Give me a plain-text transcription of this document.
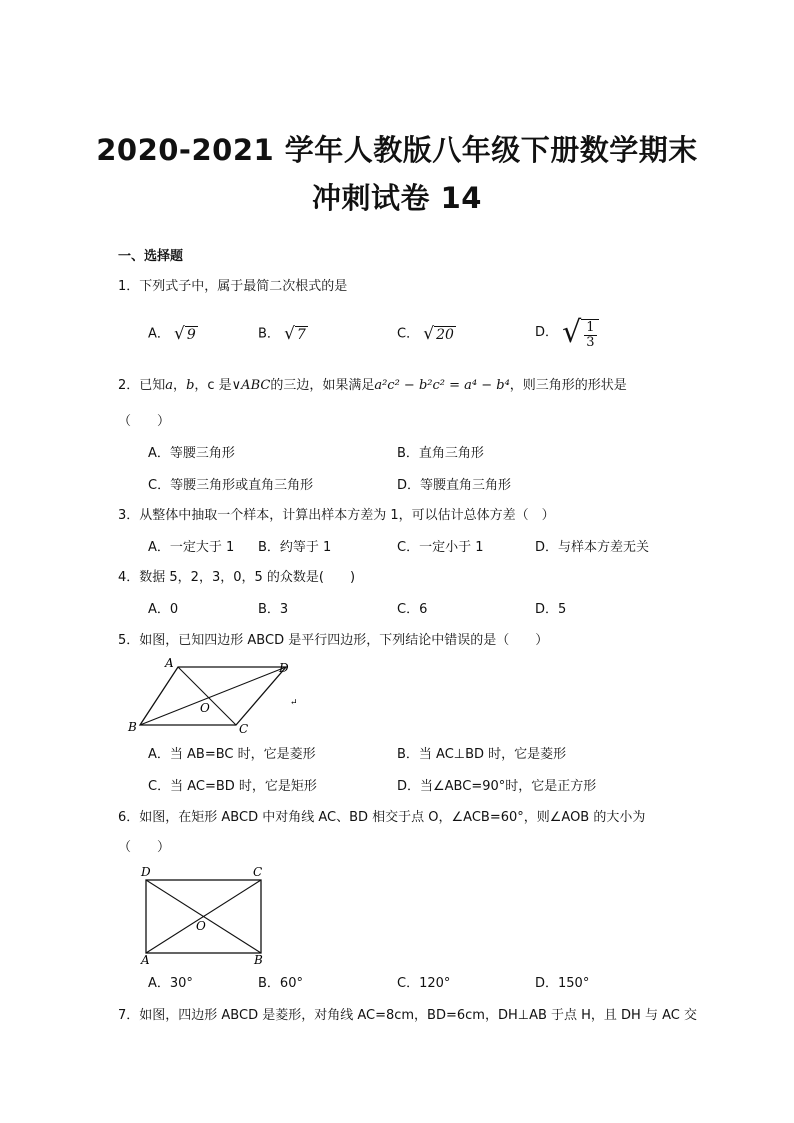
2020-2021 学年人教版八年级下册数学期末
冲刺试卷 14
一、选择题
1．下列式子中，属于最简二次根式的是
A． √ 9	B． √ 7	C． √ 20	D． √ $\frac{1}{3}$
2．已知a，b，c 是∨ABC的三边，如果满足a²c² − b²c² = a⁴ − b⁴，则三角形的形状是
（　　）
A．等腰三角形	B．直角三角形
C．等腰三角形或直角三角形	D．等腰直角三角形
3．从整体中抽取一个样本，计算出样本方差为 1，可以估计总体方差（　）
A．一定大于 1 B．约等于 1	C．一定小于 1	D．与样本方差无关
4．数据 5，2，3，0，5 的众数是(　　)
A．0	B．3	C．6	D．5
5．如图，已知四边形 ABCD 是平行四边形，下列结论中错误的是（　　）
A	D
B	C
O	↵
A．当 AB=BC 时，它是菱形	B．当 AC⊥BD 时，它是菱形
C．当 AC=BD 时，它是矩形	D．当∠ABC=90°时，它是正方形
6．如图，在矩形 ABCD 中对角线 AC、BD 相交于点 O，∠ACB=60°，则∠AOB 的大小为
（　　）
D	C
A	B
O
A．30°	B．60°	C．120°	D．150°
7．如图，四边形 ABCD 是菱形，对角线 AC=8cm，BD=6cm，DH⊥AB 于点 H，且 DH 与 AC 交
